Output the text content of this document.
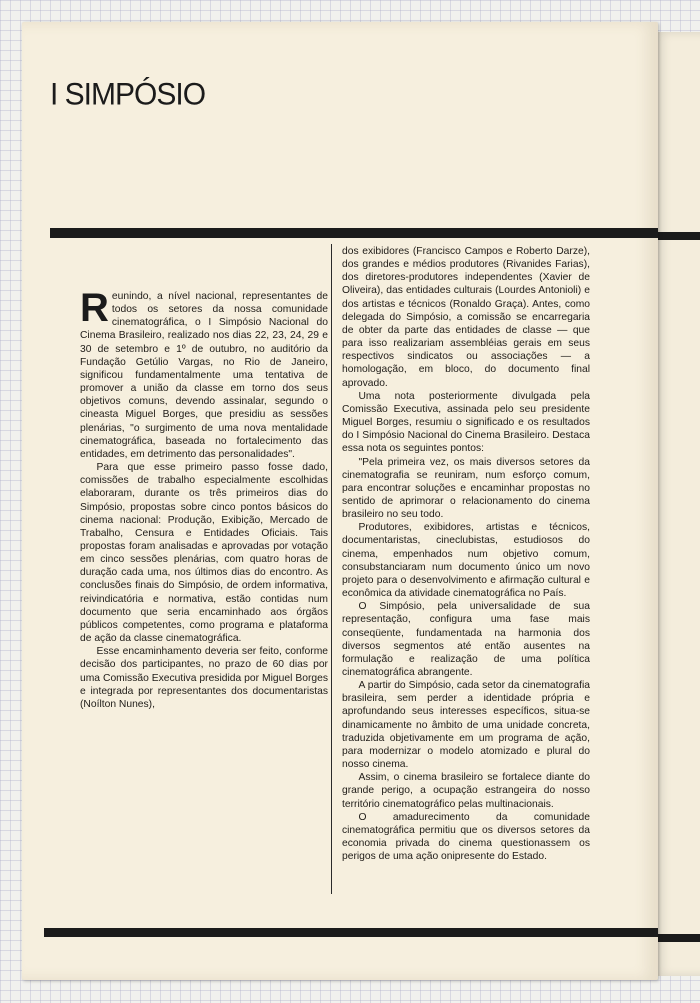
I SIMPÓSIO

Reunindo, a nível nacional, representantes de todos os setores da nossa comunidade cinematográfica, o I Simpósio Nacional do Cinema Brasileiro, realizado nos dias 22, 23, 24, 29 e 30 de setembro e 1º de outubro, no auditório da Fundação Getúlio Vargas, no Rio de Janeiro, significou fundamentalmente uma tentativa de promover a união da classe em torno dos seus objetivos comuns, devendo assinalar, segundo o cineasta Miguel Borges, que presidiu as sessões plenárias, "o surgimento de uma nova mentalidade cinematográfica, baseada no fortalecimento das entidades, em detrimento das personalidades".

Para que esse primeiro passo fosse dado, comissões de trabalho especialmente escolhidas elaboraram, durante os três primeiros dias do Simpósio, propostas sobre cinco pontos básicos do cinema nacional: Produção, Exibição, Mercado de Trabalho, Censura e Entidades Oficiais. Tais propostas foram analisadas e aprovadas por votação em cinco sessões plenárias, com quatro horas de duração cada uma, nos últimos dias do encontro. As conclusões finais do Simpósio, de ordem informativa, reivindicatória e normativa, estão contidas num documento que seria encaminhado aos órgãos públicos competentes, como programa e plataforma de ação da classe cinematográfica.

Esse encaminhamento deveria ser feito, conforme decisão dos participantes, no prazo de 60 dias por uma Comissão Executiva presidida por Miguel Borges e integrada por representantes dos documentaristas (Noílton Nunes),

dos exibidores (Francisco Campos e Roberto Darze), dos grandes e médios produtores (Rivanides Farias), dos diretores-produtores independentes (Xavier de Oliveira), das entidades culturais (Lourdes Antonioli) e dos artistas e técnicos (Ronaldo Graça). Antes, como delegada do Simpósio, a comissão se encarregaria de obter da parte das entidades de classe — que para isso realizariam assembléias gerais em seus respectivos sindicatos ou associações — a homologação, em bloco, do documento final aprovado.

Uma nota posteriormente divulgada pela Comissão Executiva, assinada pelo seu presidente Miguel Borges, resumiu o significado e os resultados do I Simpósio Nacional do Cinema Brasileiro. Destaca essa nota os seguintes pontos:

"Pela primeira vez, os mais diversos setores da cinematografia se reuniram, num esforço comum, para encontrar soluções e encaminhar propostas no sentido de aprimorar o relacionamento do cinema brasileiro no seu todo.

Produtores, exibidores, artistas e técnicos, documentaristas, cineclubistas, estudiosos do cinema, empenhados num objetivo comum, consubstanciaram num documento único um novo projeto para o desenvolvimento e afirmação cultural e econômica da atividade cinematográfica no País.

O Simpósio, pela universalidade de sua representação, configura uma fase mais conseqüente, fundamentada na harmonia dos diversos segmentos até então ausentes na formulação e realização de uma política cinematográfica abrangente.

A partir do Simpósio, cada setor da cinematografia brasileira, sem perder a identidade própria e aprofundando seus interesses específicos, situa-se dinamicamente no âmbito de uma unidade concreta, traduzida objetivamente em um programa de ação, para modernizar o modelo atomizado e plural do nosso cinema.

Assim, o cinema brasileiro se fortalece diante do grande perigo, a ocupação estrangeira do nosso território cinematográfico pelas multinacionais.

O amadurecimento da comunidade cinematográfica permitiu que os diversos setores da economia privada do cinema questionassem os perigos de uma ação onipresente do Estado.
